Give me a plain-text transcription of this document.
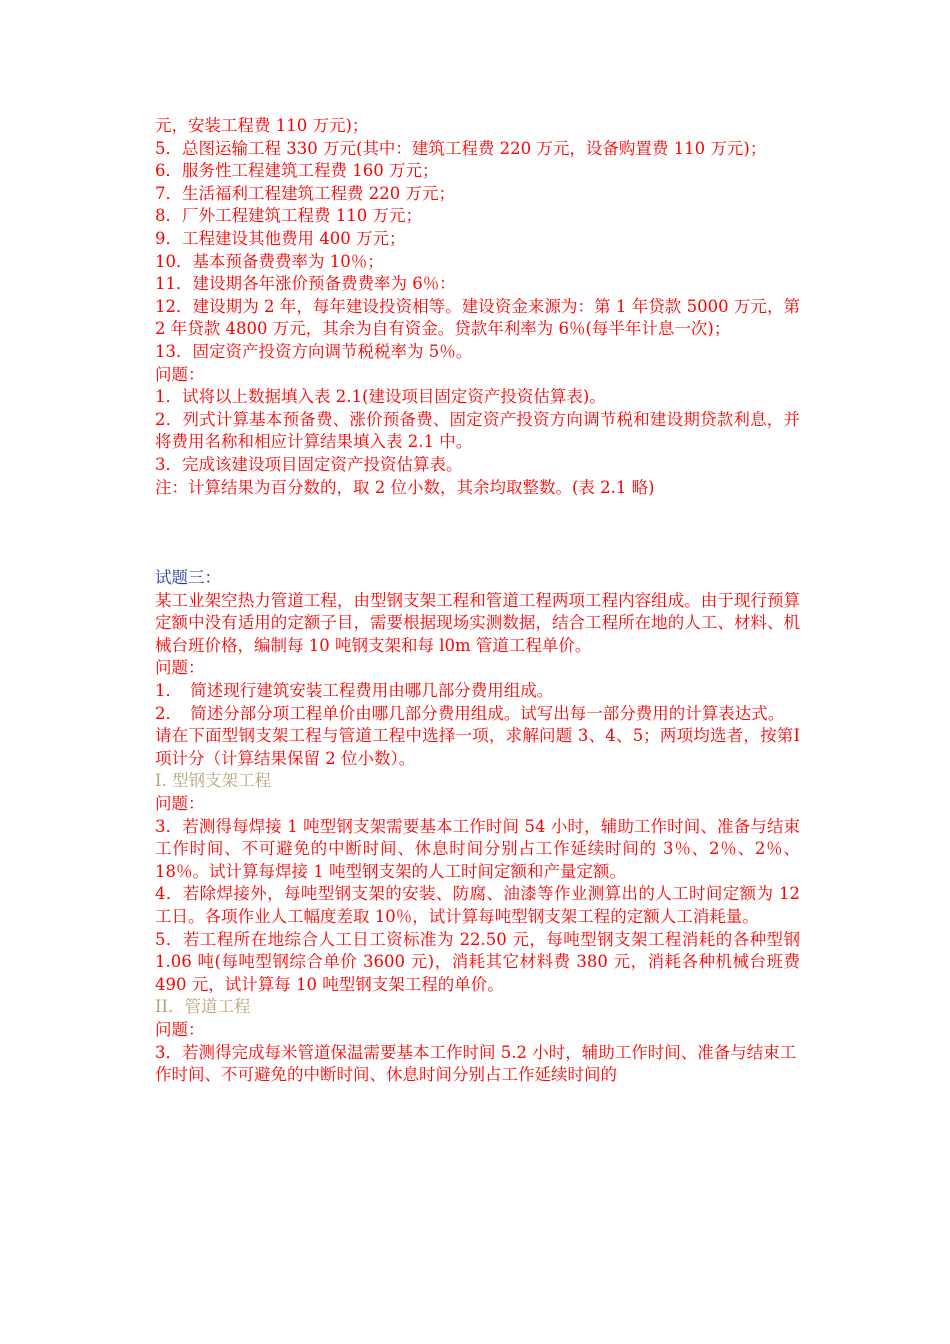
元，安装工程费 110 万元)；

5．总图运输工程 330 万元(其中：建筑工程费 220 万元，设备购置费 110 万元)；

6．服务性工程建筑工程费 160 万元；

7．生活福利工程建筑工程费 220 万元；

8．厂外工程建筑工程费 110 万元；

9．工程建设其他费用 400 万元；

10．基本预备费费率为 10％；

11．建设期各年涨价预备费费率为 6％：

12．建设期为 2 年，每年建设投资相等。建设资金来源为：第 1 年贷款 5000 万元，第 2 年贷款 4800 万元，其余为自有资金。贷款年利率为 6％(每半年计息一次)；

13．固定资产投资方向调节税税率为 5％。

问题：

1．试将以上数据填入表 2.1(建设项目固定资产投资估算表)。

2．列式计算基本预备费、涨价预备费、固定资产投资方向调节税和建设期贷款利息，并将费用名称和相应计算结果填入表 2.1 中。

3．完成该建设项目固定资产投资估算表。

注：计算结果为百分数的，取 2 位小数，其余均取整数。(表 2.1 略)

试题三：

某工业架空热力管道工程，由型钢支架工程和管道工程两项工程内容组成。由于现行预算定额中没有适用的定额子目，需要根据现场实测数据，结合工程所在地的人工、材料、机械台班价格，编制每 10 吨钢支架和每 l0m 管道工程单价。

问题：

1．　简述现行建筑安装工程费用由哪几部分费用组成。

2．　简述分部分项工程单价由哪几部分费用组成。试写出每一部分费用的计算表达式。

请在下面型钢支架工程与管道工程中选择一项，求解问题 3、4、5；两项均选者，按第Ⅰ项计分（计算结果保留 2 位小数）。

I. 型钢支架工程

问题：

3．若测得每焊接 1 吨型钢支架需要基本工作时间 54 小时，辅助工作时间、准备与结束工作时间、不可避免的中断时间、休息时间分别占工作延续时间的 3％、2％、2％、18％。试计算每焊接 1 吨型钢支架的人工时间定额和产量定额。

4．若除焊接外，每吨型钢支架的安装、防腐、油漆等作业测算出的人工时间定额为 12 工日。各项作业人工幅度差取 10％，试计算每吨型钢支架工程的定额人工消耗量。

5．若工程所在地综合人工日工资标准为 22.50 元，每吨型钢支架工程消耗的各种型钢 1.06 吨(每吨型钢综合单价 3600 元)，消耗其它材料费 380 元，消耗各种机械台班费 490 元，试计算每 10 吨型钢支架工程的单价。

II．管道工程

问题：

3．若测得完成每米管道保温需要基本工作时间 5.2 小时，辅助工作时间、准备与结束工作时间、不可避免的中断时间、休息时间分别占工作延续时间的
